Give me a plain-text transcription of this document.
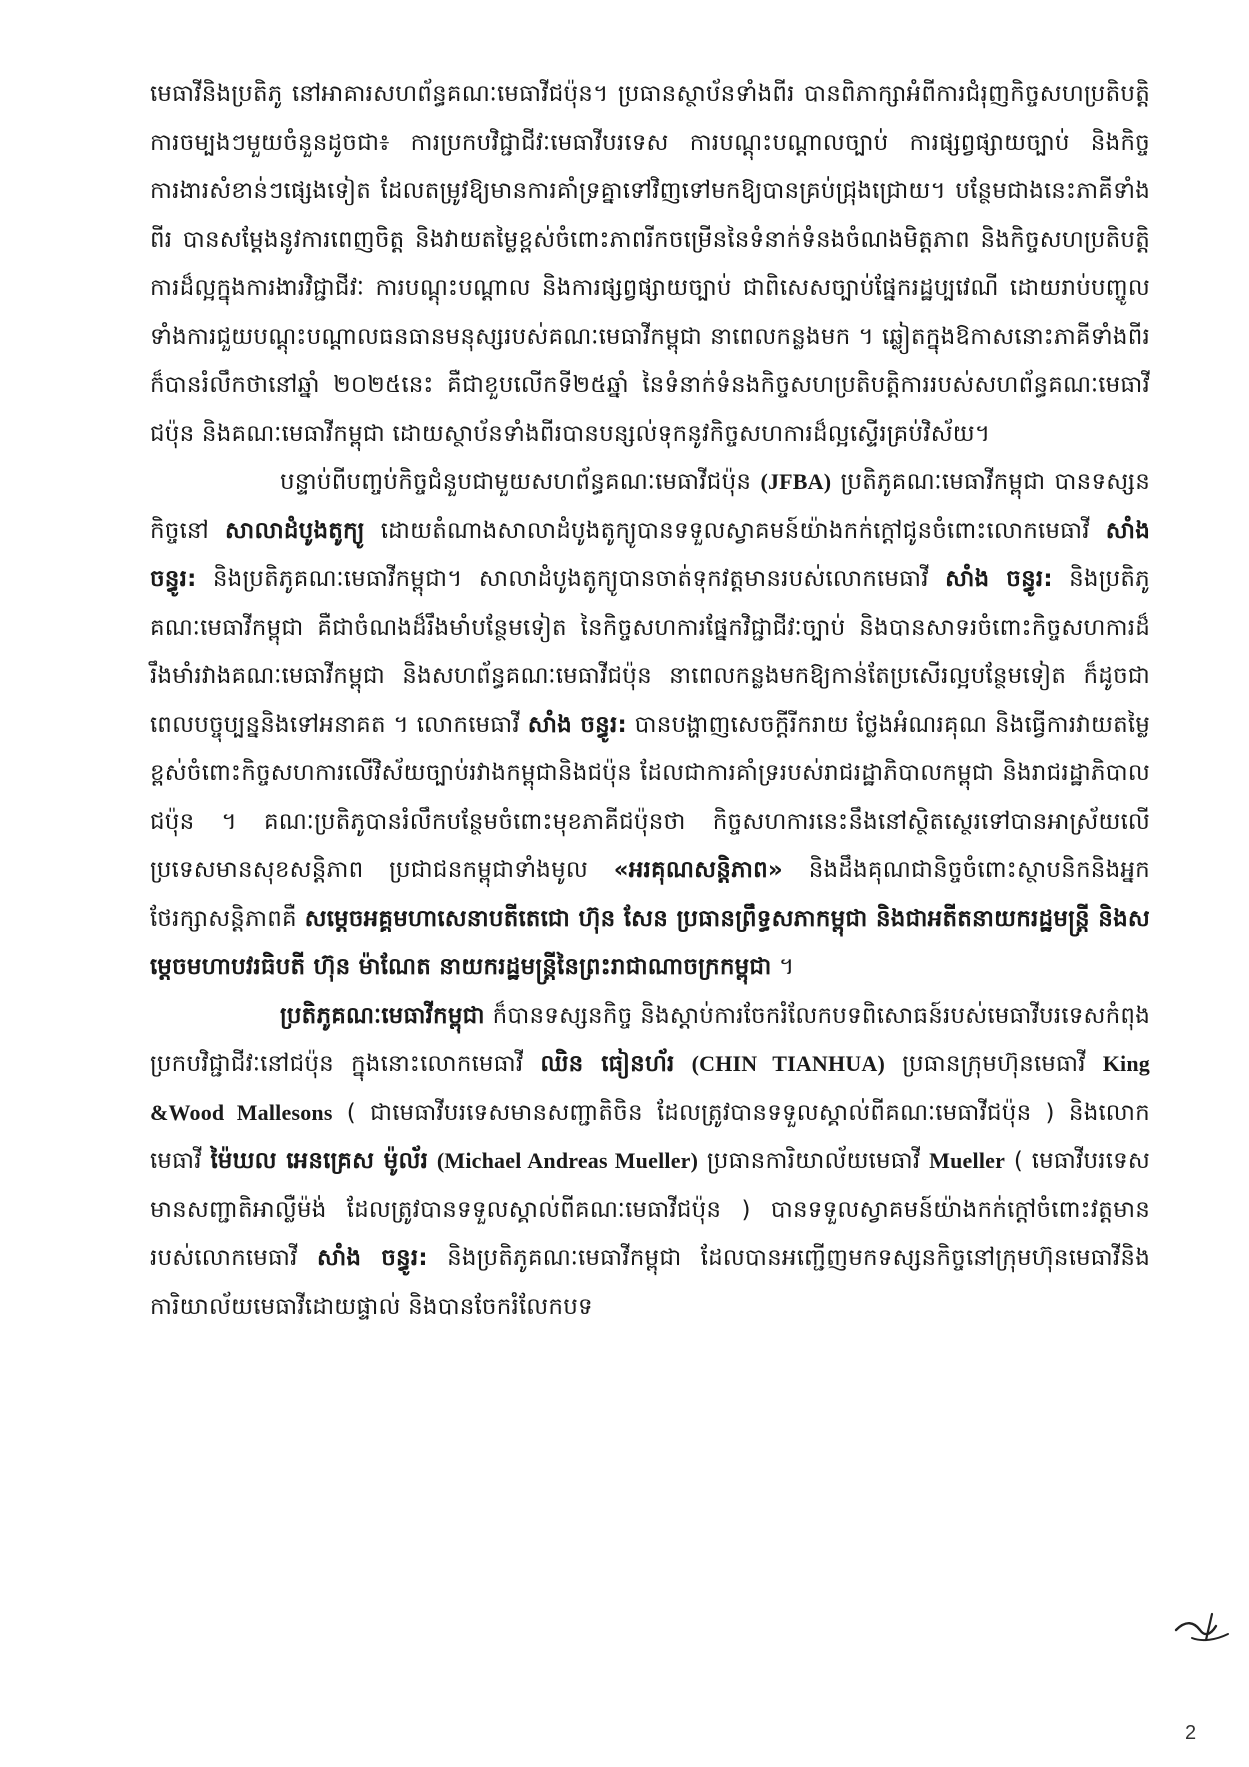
មេធាវីនិងប្រតិភូ នៅអាគារសហព័ន្ធគណៈមេធាវីជប៉ុន។ ប្រធានស្ថាប័នទាំងពីរ បានពិភាក្សាអំពីការជំរុញកិច្ចសហប្រតិបត្តិការចម្បងៗមួយចំនួនដូចជា៖ ការប្រកបវិជ្ជាជីវៈមេធាវីបរទេស ការបណ្ដុះបណ្ដាលច្បាប់ ការផ្សព្វផ្សាយច្បាប់ និងកិច្ចការងារសំខាន់ៗផ្សេងទៀត ដែលតម្រូវឱ្យមានការគាំទ្រគ្នាទៅវិញទៅមកឱ្យបានគ្រប់ជ្រុងជ្រោយ។ បន្ថែមជាងនេះភាគីទាំងពីរ បានសម្តែងនូវការពេញចិត្ត និងវាយតម្លៃខ្ពស់ចំពោះភាពរីកចម្រើននៃទំនាក់ទំនងចំណងមិត្តភាព និងកិច្ចសហប្រតិបត្តិការដ៏ល្អក្នុងការងារវិជ្ជាជីវៈ ការបណ្ដុះបណ្ដាល និងការផ្សព្វផ្សាយច្បាប់ ជាពិសេសច្បាប់ផ្នែករដ្ឋប្បវេណី ដោយរាប់បញ្ចូលទាំងការជួយបណ្ដុះបណ្ដាលធនធានមនុស្សរបស់គណៈមេធាវីកម្ពុជា នាពេលកន្លងមក ។ ឆ្លៀតក្នុងឱកាសនោះភាគីទាំងពីរក៏បានរំលឹកថានៅឆ្នាំ ២០២៥នេះ គឺជាខួបលើកទី២៥ឆ្នាំ នៃទំនាក់ទំនងកិច្ចសហប្រតិបត្តិការរបស់សហព័ន្ធគណៈមេធាវីជប៉ុន និងគណៈមេធាវីកម្ពុជា ដោយស្ថាប័នទាំងពីរបានបន្សល់ទុកនូវកិច្ចសហការដ៏ល្អស្ទើរគ្រប់វិស័យ។

បន្ទាប់ពីបញ្ចប់កិច្ចជំនួបជាមួយសហព័ន្ធគណៈមេធាវីជប៉ុន (JFBA) ប្រតិភូគណៈមេធាវីកម្ពុជា បានទស្សនកិច្ចនៅ សាលាដំបូងតូក្យូ ដោយតំណាងសាលាដំបូងតូក្យូបានទទួលស្វាគមន៍យ៉ាងកក់ក្ដៅជូនចំពោះលោកមេធាវី សាំង ចន្ធូរ: និងប្រតិភូគណៈមេធាវីកម្ពុជា។ សាលាដំបូងតូក្យូបានចាត់ទុកវត្តមានរបស់លោកមេធាវី សាំង ចន្ធូរ: និងប្រតិភូគណៈមេធាវីកម្ពុជា គឺជាចំណងដ៏រឹងមាំបន្ថែមទៀត នៃកិច្ចសហការផ្នែកវិជ្ជាជីវៈច្បាប់ និងបានសាទរចំពោះកិច្ចសហការដ៏រឹងមាំរវាងគណៈមេធាវីកម្ពុជា និងសហព័ន្ធគណៈមេធាវីជប៉ុន នាពេលកន្លងមកឱ្យកាន់តែប្រសើរល្អបន្ថែមទៀត ក៏ដូចជាពេលបច្ចុប្បន្ននិងទៅអនាគត ។ លោកមេធាវី សាំង ចន្ធូរ: បានបង្ហាញសេចក្តីរីករាយ ថ្លែងអំណរគុណ និងធ្វើការវាយតម្លៃខ្ពស់ចំពោះកិច្ចសហការលើវិស័យច្បាប់រវាងកម្ពុជានិងជប៉ុន ដែលជាការគាំទ្ររបស់រាជរដ្ឋាភិបាលកម្ពុជា និងរាជរដ្ឋាភិបាលជប៉ុន ។ គណៈប្រតិភូបានរំលឹកបន្ថែមចំពោះមុខភាគីជប៉ុនថា កិច្ចសហការនេះនឹងនៅស្ថិតស្ថេរទៅបានអាស្រ័យលើប្រទេសមានសុខសន្តិភាព ប្រជាជនកម្ពុជាទាំងមូល «អរគុណសន្តិភាព» និងដឹងគុណជានិច្ចចំពោះស្ថាបនិកនិងអ្នកថែរក្សាសន្តិភាពគឺ សម្តេចអគ្គមហាសេនាបតីតេជោ ហ៊ុន សែន ប្រធានព្រឹទ្ធសភាកម្ពុជា និងជាអតីតនាយករដ្ឋមន្ត្រី និងសម្តេចមហាបវរធិបតី ហ៊ុន ម៉ាណែត នាយករដ្ឋមន្ត្រីនៃព្រះរាជាណាចក្រកម្ពុជា ។

ប្រតិភូគណៈមេធាវីកម្ពុជា ក៏បានទស្សនកិច្ច និងស្តាប់ការចែករំលែកបទពិសោធន៍របស់មេធាវីបរទេសកំពុងប្រកបវិជ្ជាជីវៈនៅជប៉ុន ក្នុងនោះលោកមេធាវី ឈិន ធៀនហ័រ (CHIN TIANHUA) ប្រធានក្រុមហ៊ុនមេធាវី King &Wood Mallesons ( ជាមេធាវីបរទេសមានសញ្ជាតិចិន ដែលត្រូវបានទទួលស្គាល់ពីគណៈមេធាវីជប៉ុន ) និងលោកមេធាវី ម៉ៃឃល អេនគ្រេស ម៉ូល័រ (Michael Andreas Mueller) ប្រធានការិយាល័យមេធាវី Mueller ( មេធាវីបរទេសមានសញ្ជាតិអាល្លឺម៉ង់ ដែលត្រូវបានទទួលស្គាល់ពីគណៈមេធាវីជប៉ុន ) បានទទួលស្វាគមន៍យ៉ាងកក់ក្ដៅចំពោះវត្តមានរបស់លោកមេធាវី សាំង ចន្ធូរ: និងប្រតិភូគណៈមេធាវីកម្ពុជា ដែលបានអញ្ជើញមកទស្សនកិច្ចនៅក្រុមហ៊ុនមេធាវីនិងការិយាល័យមេធាវីដោយផ្ទាល់ និងបានចែករំលែកបទ

2
